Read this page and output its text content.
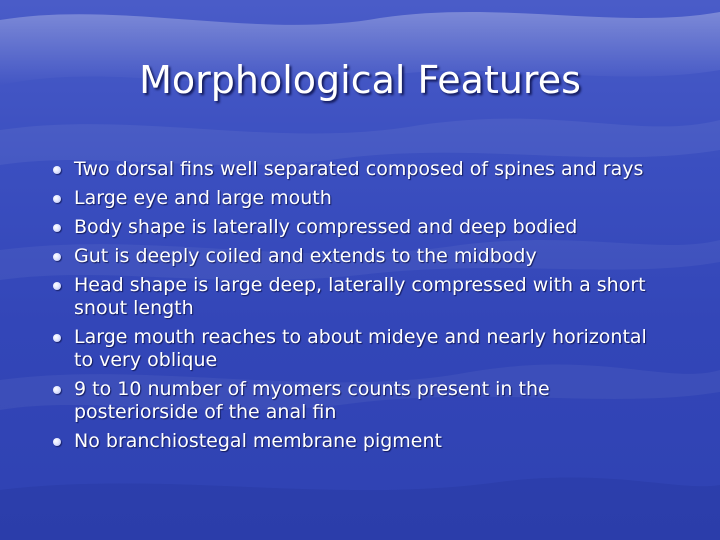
Morphological Features
Two dorsal fins well separated composed of spines and rays
Large eye and large mouth
Body shape is laterally compressed and deep bodied
Gut is deeply coiled and extends to the midbody
Head shape is large deep, laterally compressed with a short snout length
Large mouth reaches to about mideye and nearly horizontal to very oblique
9 to 10 number of myomers counts present in the posteriorside of the anal fin
No branchiostegal membrane pigment
